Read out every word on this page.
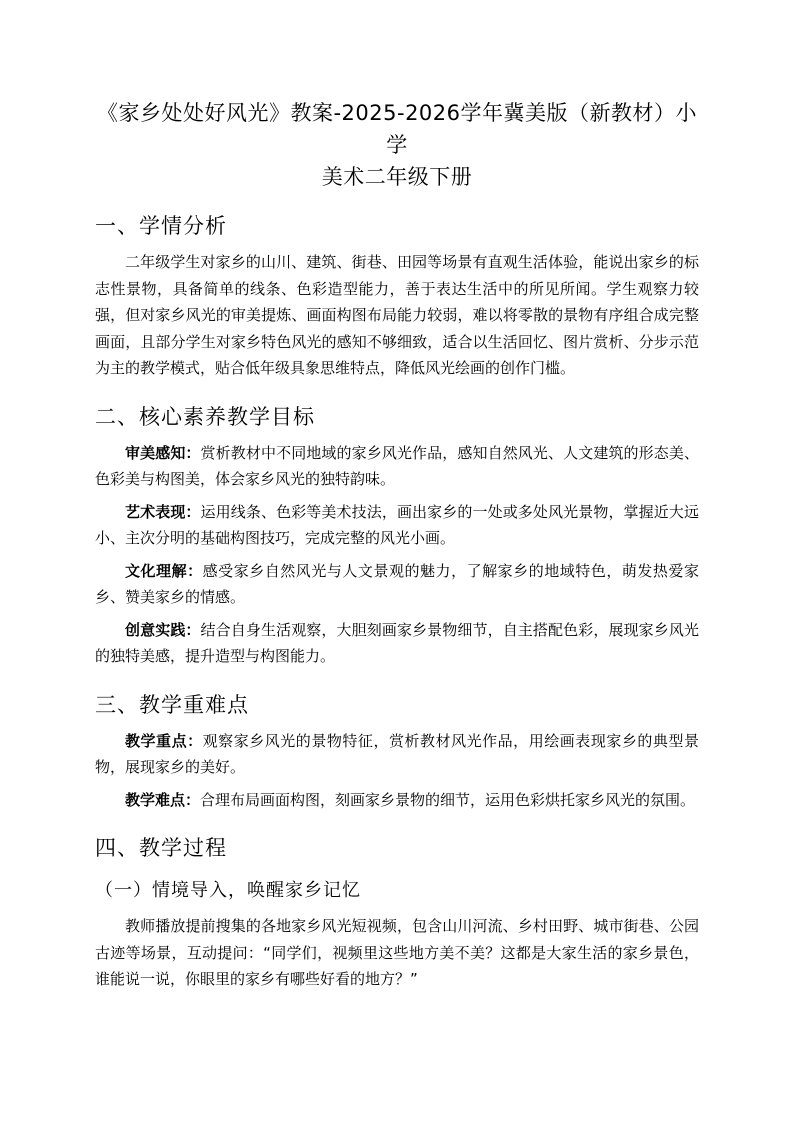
《家乡处处好风光》教案-2025-2026学年冀美版（新教材）小学
美术二年级下册
一、学情分析

二年级学生对家乡的山川、建筑、街巷、田园等场景有直观生活体验，能说出家乡的标志性景物，具备简单的线条、色彩造型能力，善于表达生活中的所见所闻。学生观察力较强，但对家乡风光的审美提炼、画面构图布局能力较弱，难以将零散的景物有序组合成完整画面，且部分学生对家乡特色风光的感知不够细致，适合以生活回忆、图片赏析、分步示范为主的教学模式，贴合低年级具象思维特点，降低风光绘画的创作门槛。

二、核心素养教学目标

审美感知：赏析教材中不同地域的家乡风光作品，感知自然风光、人文建筑的形态美、色彩美与构图美，体会家乡风光的独特韵味。

艺术表现：运用线条、色彩等美术技法，画出家乡的一处或多处风光景物，掌握近大远小、主次分明的基础构图技巧，完成完整的风光小画。

文化理解：感受家乡自然风光与人文景观的魅力，了解家乡的地域特色，萌发热爱家乡、赞美家乡的情感。

创意实践：结合自身生活观察，大胆刻画家乡景物细节，自主搭配色彩，展现家乡风光的独特美感，提升造型与构图能力。

三、教学重难点

教学重点：观察家乡风光的景物特征，赏析教材风光作品，用绘画表现家乡的典型景物，展现家乡的美好。

教学难点：合理布局画面构图，刻画家乡景物的细节，运用色彩烘托家乡风光的氛围。

四、教学过程
（一）情境导入，唤醒家乡记忆

教师播放提前搜集的各地家乡风光短视频，包含山川河流、乡村田野、城市街巷、公园古迹等场景，互动提问：“同学们，视频里这些地方美不美？这都是大家生活的家乡景色，谁能说一说，你眼里的家乡有哪些好看的地方？”
